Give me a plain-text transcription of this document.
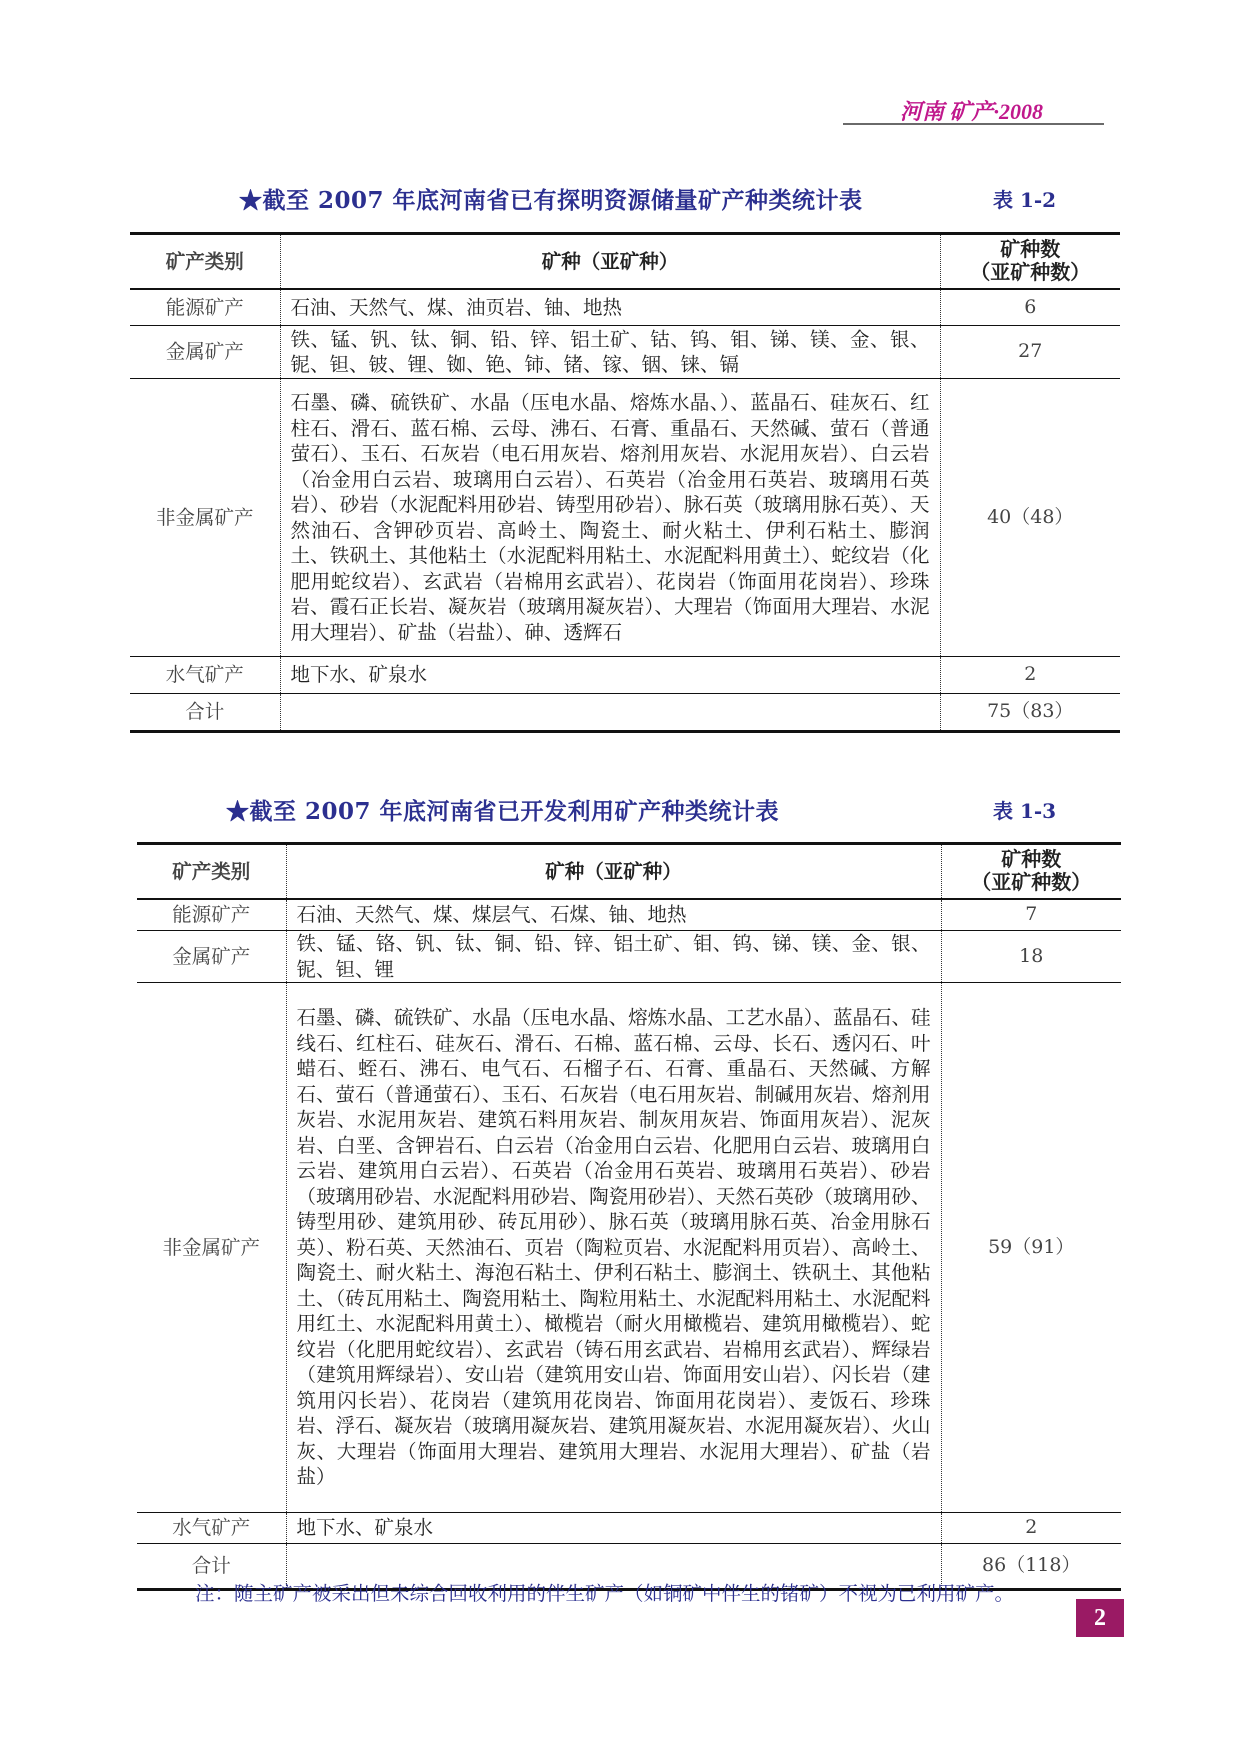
河南 矿产·2008
★截至 2007 年底河南省已有探明资源储量矿产种类统计表	表 1-2
矿产类别	矿种（亚矿种）	矿种数
（亚矿种数）

能源矿产	石油、天然气、煤、油页岩、铀、地热	6
金属矿产	铁、锰、钒、钛、铜、铅、锌、铝土矿、钴、钨、钼、锑、镁、金、银、铌、钽、铍、锂、铷、铯、铈、锗、镓、铟、铼、镉	27
非金属矿产	石墨、磷、硫铁矿、水晶（压电水晶、熔炼水晶、）、蓝晶石、硅灰石、红柱石、滑石、蓝石棉、云母、沸石、石膏、重晶石、天然碱、萤石（普通萤石）、玉石、石灰岩（电石用灰岩、熔剂用灰岩、水泥用灰岩）、白云岩（冶金用白云岩、玻璃用白云岩）、石英岩（冶金用石英岩、玻璃用石英岩）、砂岩（水泥配料用砂岩、铸型用砂岩）、脉石英（玻璃用脉石英）、天然油石、含钾砂页岩、高岭土、陶瓷土、耐火粘土、伊利石粘土、膨润土、铁矾土、其他粘土（水泥配料用粘土、水泥配料用黄土）、蛇纹岩（化肥用蛇纹岩）、玄武岩（岩棉用玄武岩）、花岗岩（饰面用花岗岩）、珍珠岩、霞石正长岩、凝灰岩（玻璃用凝灰岩）、大理岩（饰面用大理岩、水泥用大理岩）、矿盐（岩盐）、砷、透辉石	40（48）
水气矿产	地下水、矿泉水	2
合计		75（83）
★截至 2007 年底河南省已开发利用矿产种类统计表	表 1-3
矿产类别	矿种（亚矿种）	矿种数
（亚矿种数）

能源矿产	石油、天然气、煤、煤层气、石煤、铀、地热	7
金属矿产	铁、锰、铬、钒、钛、铜、铅、锌、铝土矿、钼、钨、锑、镁、金、银、铌、钽、锂	18
非金属矿产	石墨、磷、硫铁矿、水晶（压电水晶、熔炼水晶、工艺水晶）、蓝晶石、硅线石、红柱石、硅灰石、滑石、石棉、蓝石棉、云母、长石、透闪石、叶蜡石、蛭石、沸石、电气石、石榴子石、石膏、重晶石、天然碱、方解石、萤石（普通萤石）、玉石、石灰岩（电石用灰岩、制碱用灰岩、熔剂用灰岩、水泥用灰岩、建筑石料用灰岩、制灰用灰岩、饰面用灰岩）、泥灰岩、白垩、含钾岩石、白云岩（冶金用白云岩、化肥用白云岩、玻璃用白云岩、建筑用白云岩）、石英岩（冶金用石英岩、玻璃用石英岩）、砂岩（玻璃用砂岩、水泥配料用砂岩、陶瓷用砂岩）、天然石英砂（玻璃用砂、铸型用砂、建筑用砂、砖瓦用砂）、脉石英（玻璃用脉石英、冶金用脉石英）、粉石英、天然油石、页岩（陶粒页岩、水泥配料用页岩）、高岭土、陶瓷土、耐火粘土、海泡石粘土、伊利石粘土、膨润土、铁矾土、其他粘土、（砖瓦用粘土、陶瓷用粘土、陶粒用粘土、水泥配料用粘土、水泥配料用红土、水泥配料用黄土）、橄榄岩（耐火用橄榄岩、建筑用橄榄岩）、蛇纹岩（化肥用蛇纹岩）、玄武岩（铸石用玄武岩、岩棉用玄武岩）、辉绿岩（建筑用辉绿岩）、安山岩（建筑用安山岩、饰面用安山岩）、闪长岩（建筑用闪长岩）、花岗岩（建筑用花岗岩、饰面用花岗岩）、麦饭石、珍珠岩、浮石、凝灰岩（玻璃用凝灰岩、建筑用凝灰岩、水泥用凝灰岩）、火山灰、大理岩（饰面用大理岩、建筑用大理岩、水泥用大理岩）、矿盐（岩盐）	59（91）
水气矿产	地下水、矿泉水	2
合计		86（118）
注：随主矿产被采出但未综合回收利用的伴生矿产（如铜矿中伴生的锗矿）不视为已利用矿产。
2
